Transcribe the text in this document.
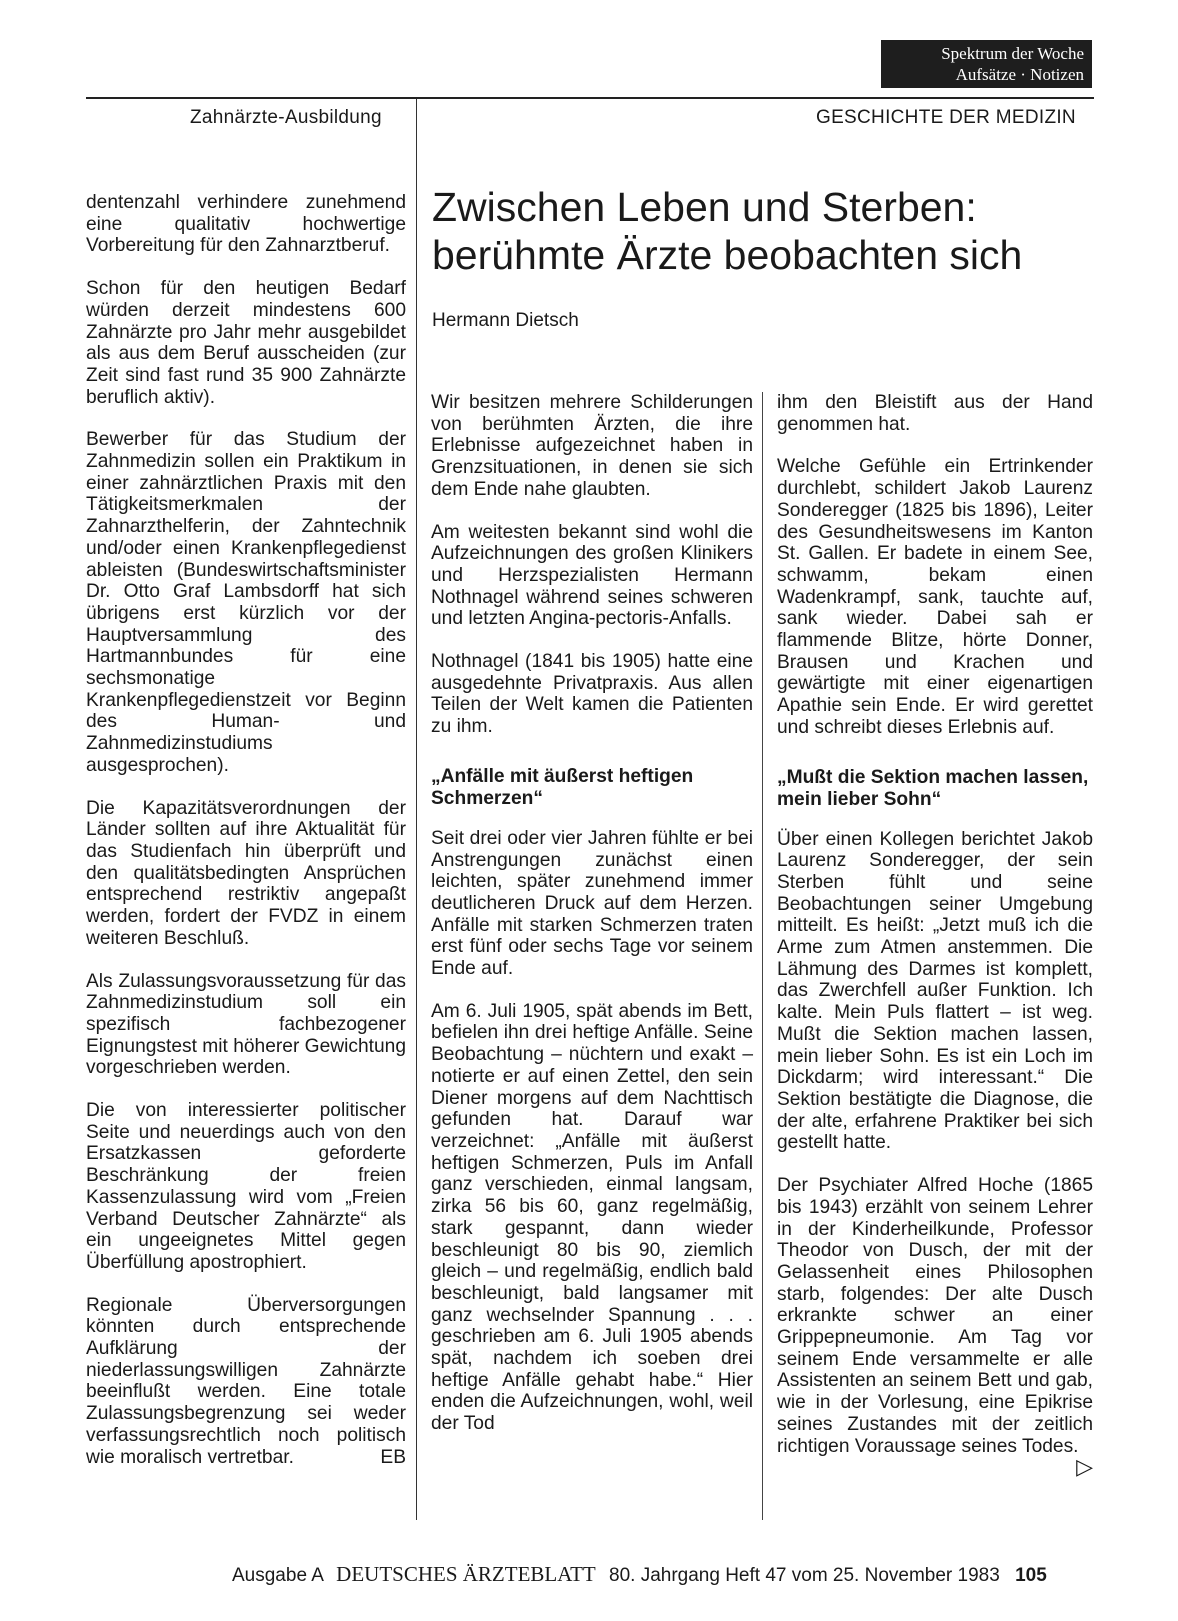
Spektrum der Woche
Aufsätze · Notizen
Zahnärzte-Ausbildung	GESCHICHTE DER MEDIZIN
Zwischen Leben und Sterben:
berühmte Ärzte beobachten sich
Hermann Dietsch

dentenzahl verhindere zunehmend eine qualitativ hochwertige Vorbereitung für den Zahnarztberuf.

Schon für den heutigen Bedarf würden derzeit mindestens 600 Zahnärzte pro Jahr mehr ausgebildet als aus dem Beruf ausscheiden (zur Zeit sind fast rund 35 900 Zahnärzte beruflich aktiv).

Bewerber für das Studium der Zahnmedizin sollen ein Praktikum in einer zahnärztlichen Praxis mit den Tätigkeitsmerkmalen der Zahnarzthelferin, der Zahntechnik und/oder einen Krankenpflegedienst ableisten (Bundeswirtschaftsminister Dr. Otto Graf Lambsdorff hat sich übrigens erst kürzlich vor der Hauptversammlung des Hartmannbundes für eine sechsmonatige Krankenpflegedienstzeit vor Beginn des Human- und Zahnmedizinstudiums ausgesprochen).

Die Kapazitätsverordnungen der Länder sollten auf ihre Aktualität für das Studienfach hin überprüft und den qualitätsbedingten Ansprüchen entsprechend restriktiv angepaßt werden, fordert der FVDZ in einem weiteren Beschluß.

Als Zulassungsvoraussetzung für das Zahnmedizinstudium soll ein spezifisch fachbezogener Eignungstest mit höherer Gewichtung vorgeschrieben werden.

Die von interessierter politischer Seite und neuerdings auch von den Ersatzkassen geforderte Beschränkung der freien Kassenzulassung wird vom „Freien Verband Deutscher Zahnärzte“ als ein ungeeignetes Mittel gegen Überfüllung apostrophiert.

Regionale Überversorgungen könnten durch entsprechende Aufklärung der niederlassungswilligen Zahnärzte beeinflußt werden. Eine totale Zulassungsbegrenzung sei weder verfassungsrechtlich noch politisch wie moralisch vertretbar.	EB

Wir besitzen mehrere Schilderungen von berühmten Ärzten, die ihre Erlebnisse aufgezeichnet haben in Grenzsituationen, in denen sie sich dem Ende nahe glaubten.

Am weitesten bekannt sind wohl die Aufzeichnungen des großen Klinikers und Herzspezialisten Hermann Nothnagel während seines schweren und letzten Angina-pectoris-Anfalls.

Nothnagel (1841 bis 1905) hatte eine ausgedehnte Privatpraxis. Aus allen Teilen der Welt kamen die Patienten zu ihm.

„Anfälle mit äußerst heftigen Schmerzen“

Seit drei oder vier Jahren fühlte er bei Anstrengungen zunächst einen leichten, später zunehmend immer deutlicheren Druck auf dem Herzen. Anfälle mit starken Schmerzen traten erst fünf oder sechs Tage vor seinem Ende auf.

Am 6. Juli 1905, spät abends im Bett, befielen ihn drei heftige Anfälle. Seine Beobachtung – nüchtern und exakt – notierte er auf einen Zettel, den sein Diener morgens auf dem Nachttisch gefunden hat. Darauf war verzeichnet: „Anfälle mit äußerst heftigen Schmerzen, Puls im Anfall ganz verschieden, einmal langsam, zirka 56 bis 60, ganz regelmäßig, stark gespannt, dann wieder beschleunigt 80 bis 90, ziemlich gleich – und regelmäßig, endlich bald beschleunigt, bald langsamer mit ganz wechselnder Spannung . . . geschrieben am 6. Juli 1905 abends spät, nachdem ich soeben drei heftige Anfälle gehabt habe.“ Hier enden die Aufzeichnungen, wohl, weil der Tod

ihm den Bleistift aus der Hand genommen hat.

Welche Gefühle ein Ertrinkender durchlebt, schildert Jakob Laurenz Sonderegger (1825 bis 1896), Leiter des Gesundheitswesens im Kanton St. Gallen. Er badete in einem See, schwamm, bekam einen Wadenkrampf, sank, tauchte auf, sank wieder. Dabei sah er flammende Blitze, hörte Donner, Brausen und Krachen und gewärtigte mit einer eigenartigen Apathie sein Ende. Er wird gerettet und schreibt dieses Erlebnis auf.

„Mußt die Sektion machen lassen, mein lieber Sohn“

Über einen Kollegen berichtet Jakob Laurenz Sonderegger, der sein Sterben fühlt und seine Beobachtungen seiner Umgebung mitteilt. Es heißt: „Jetzt muß ich die Arme zum Atmen anstemmen. Die Lähmung des Darmes ist komplett, das Zwerchfell außer Funktion. Ich kalte. Mein Puls flattert – ist weg. Mußt die Sektion machen lassen, mein lieber Sohn. Es ist ein Loch im Dickdarm; wird interessant.“ Die Sektion bestätigte die Diagnose, die der alte, erfahrene Praktiker bei sich gestellt hatte.

Der Psychiater Alfred Hoche (1865 bis 1943) erzählt von seinem Lehrer in der Kinderheilkunde, Professor Theodor von Dusch, der mit der Gelassenheit eines Philosophen starb, folgendes: Der alte Dusch erkrankte schwer an einer Grippepneumonie. Am Tag vor seinem Ende versammelte er alle Assistenten an seinem Bett und gab, wie in der Vorlesung, eine Epikrise seines Zustandes mit der zeitlich richtigen Voraussage seines Todes.
▷

Ausgabe A DEUTSCHES ÄRZTEBLATT 80. Jahrgang Heft 47 vom 25. November 1983 105
